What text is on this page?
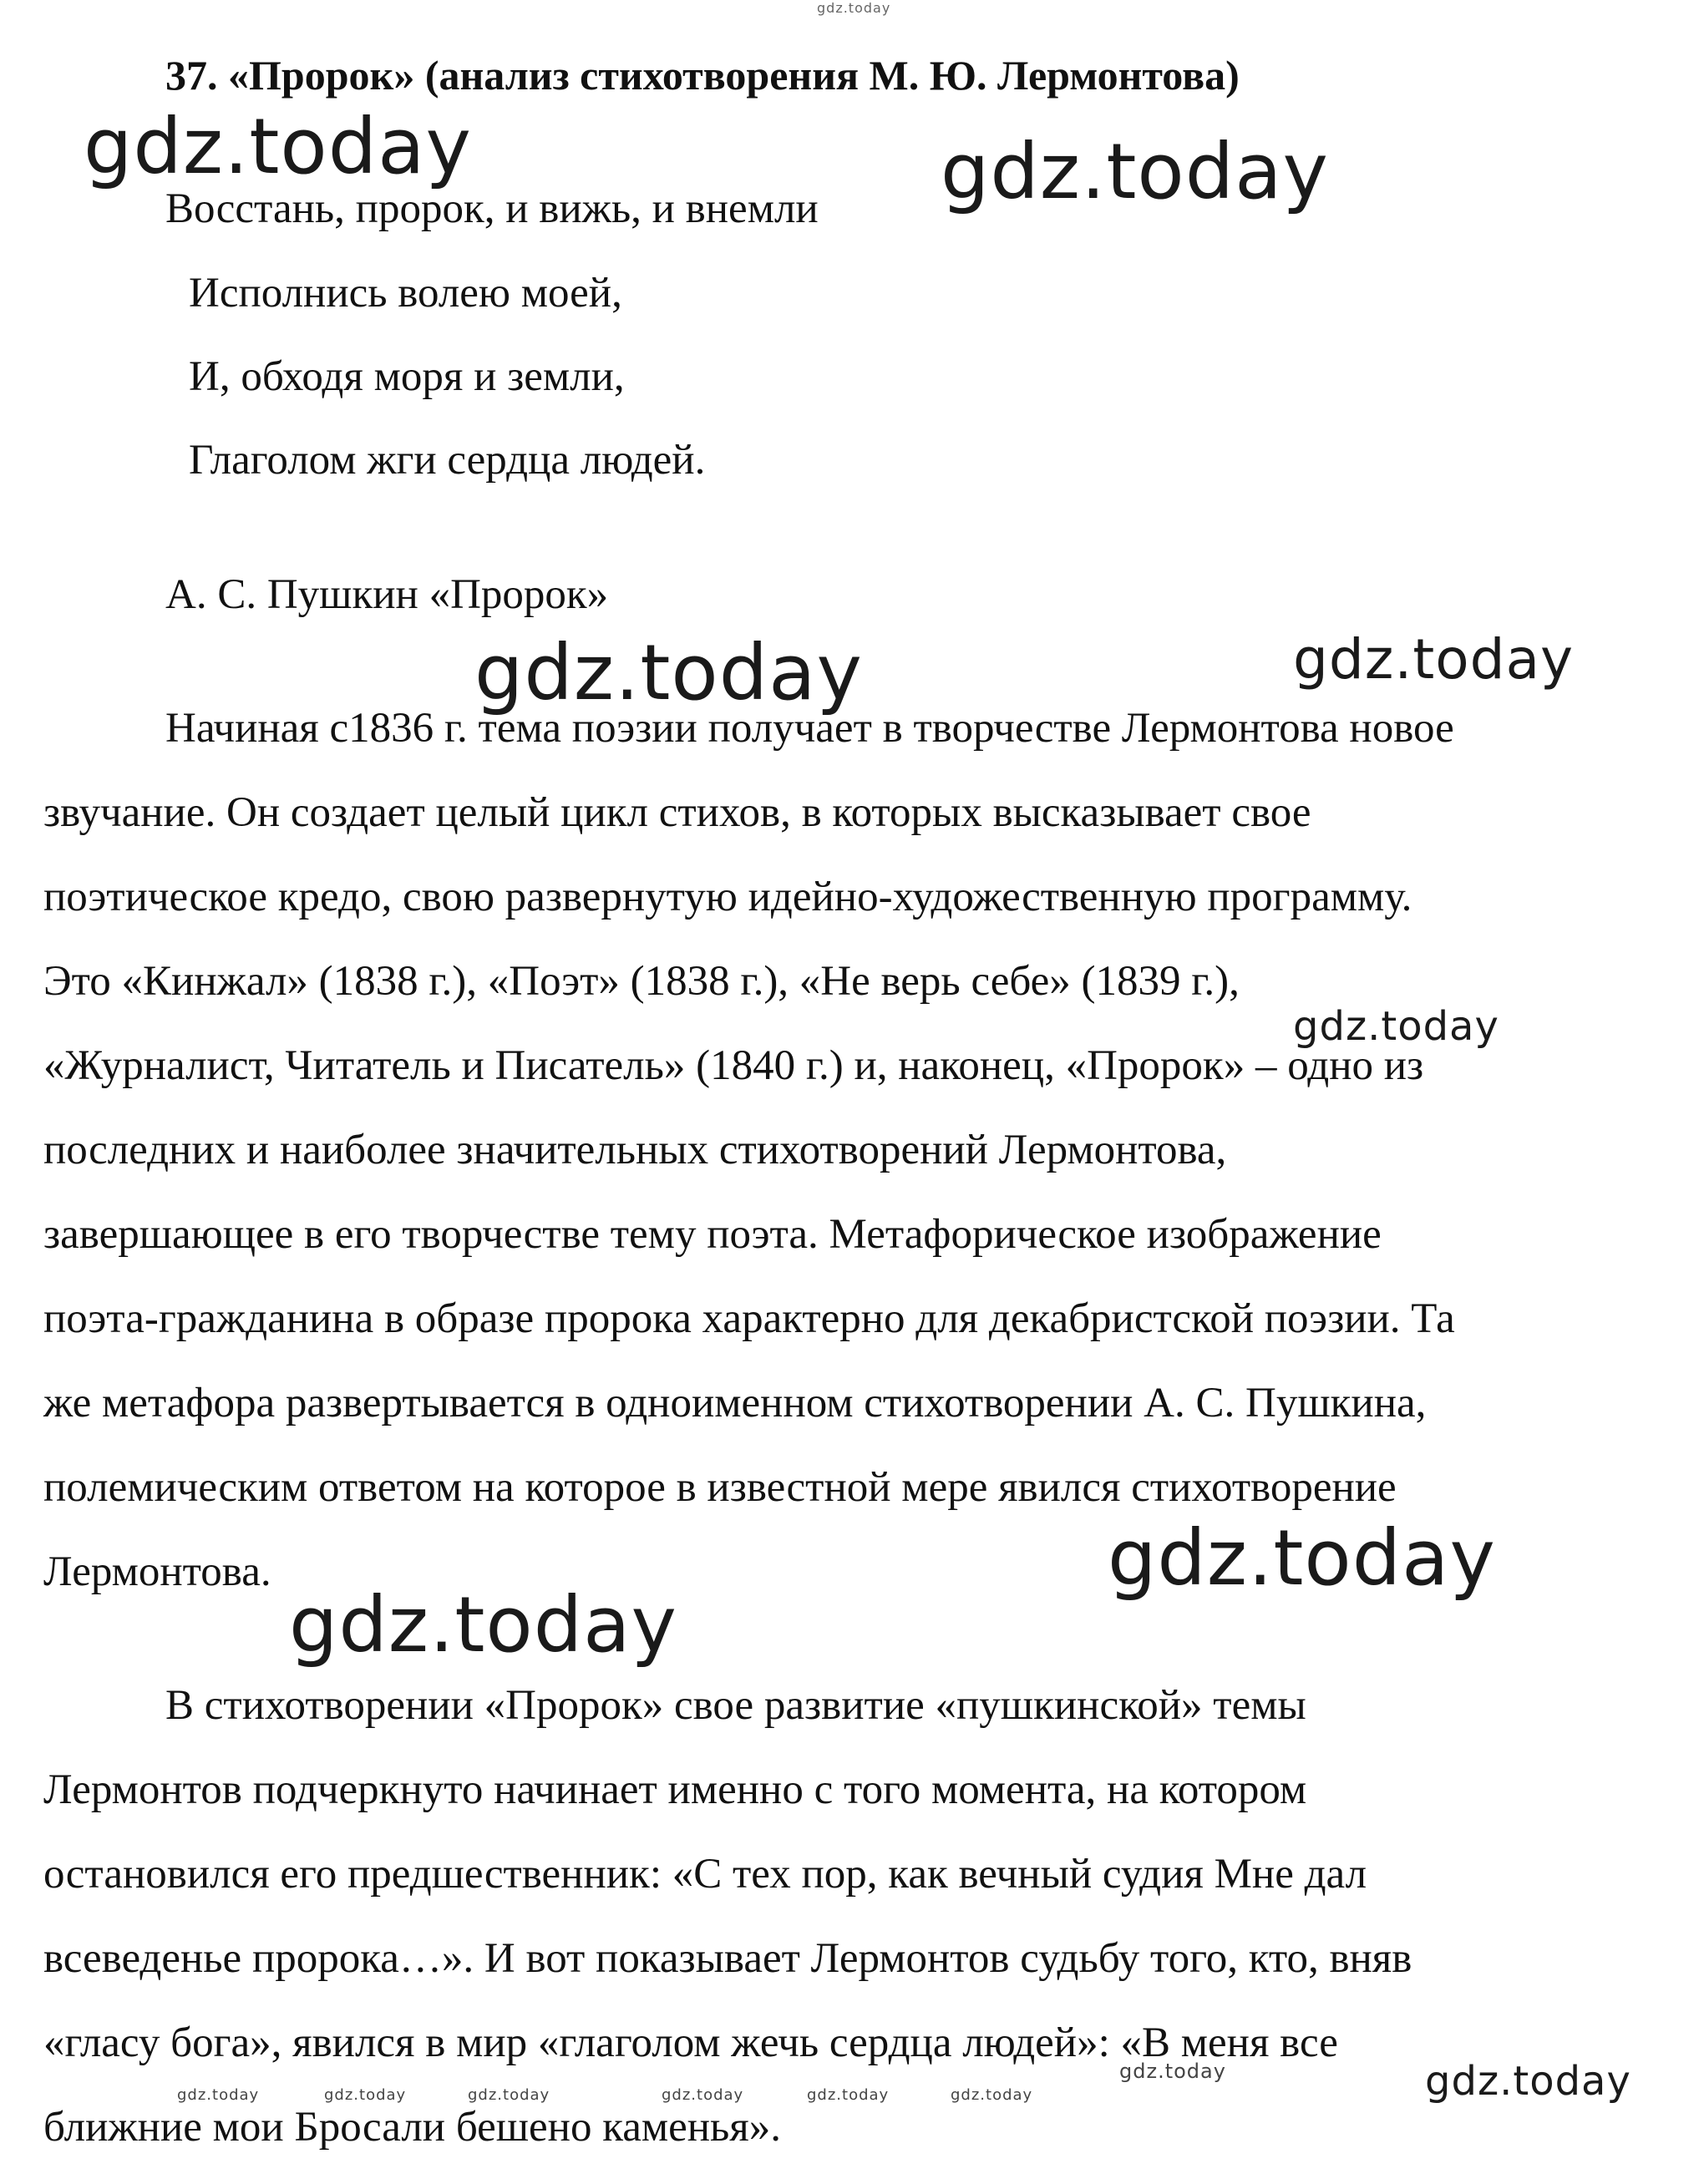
gdz.today
37. «Пророк» (анализ стихотворения М. Ю. Лермонтова)
Восстань, пророк, и вижь, и внемли
Исполнись волею моей,
И, обходя моря и земли,
Глаголом жги сердца людей.
А. С. Пушкин «Пророк»
Начиная с1836 г. тема поэзии получает в творчестве Лермонтова новое
звучание. Он создает целый цикл стихов, в которых высказывает свое
поэтическое кредо, свою развернутую идейно-художественную программу.
Это «Кинжал» (1838 г.), «Поэт» (1838 г.), «Не верь себе» (1839 г.),
«Журналист, Читатель и Писатель» (1840 г.) и, наконец, «Пророк» – одно из
последних и наиболее значительных стихотворений Лермонтова,
завершающее в его творчестве тему поэта. Метафорическое изображение
поэта-гражданина в образе пророка характерно для декабристской поэзии. Та
же метафора развертывается в одноименном стихотворении А. С. Пушкина,
полемическим ответом на которое в известной мере явился стихотворение
Лермонтова.
В стихотворении «Пророк» свое развитие «пушкинской» темы
Лермонтов подчеркнуто начинает именно с того момента, на котором
остановился его предшественник: «С тех пор, как вечный судия Мне дал
всеведенье пророка…». И вот показывает Лермонтов судьбу того, кто, вняв
«гласу бога», явился в мир «глаголом жечь сердца людей»: «В меня все
ближние мои Бросали бешено каменья».
gdz.today	gdz.today
gdz.today	gdz.today
gdz.today
gdz.today
gdz.today
gdz.today
gdz.today	gdz.today	gdz.today	gdz.today	gdz.today	gdz.today
gdz.today
